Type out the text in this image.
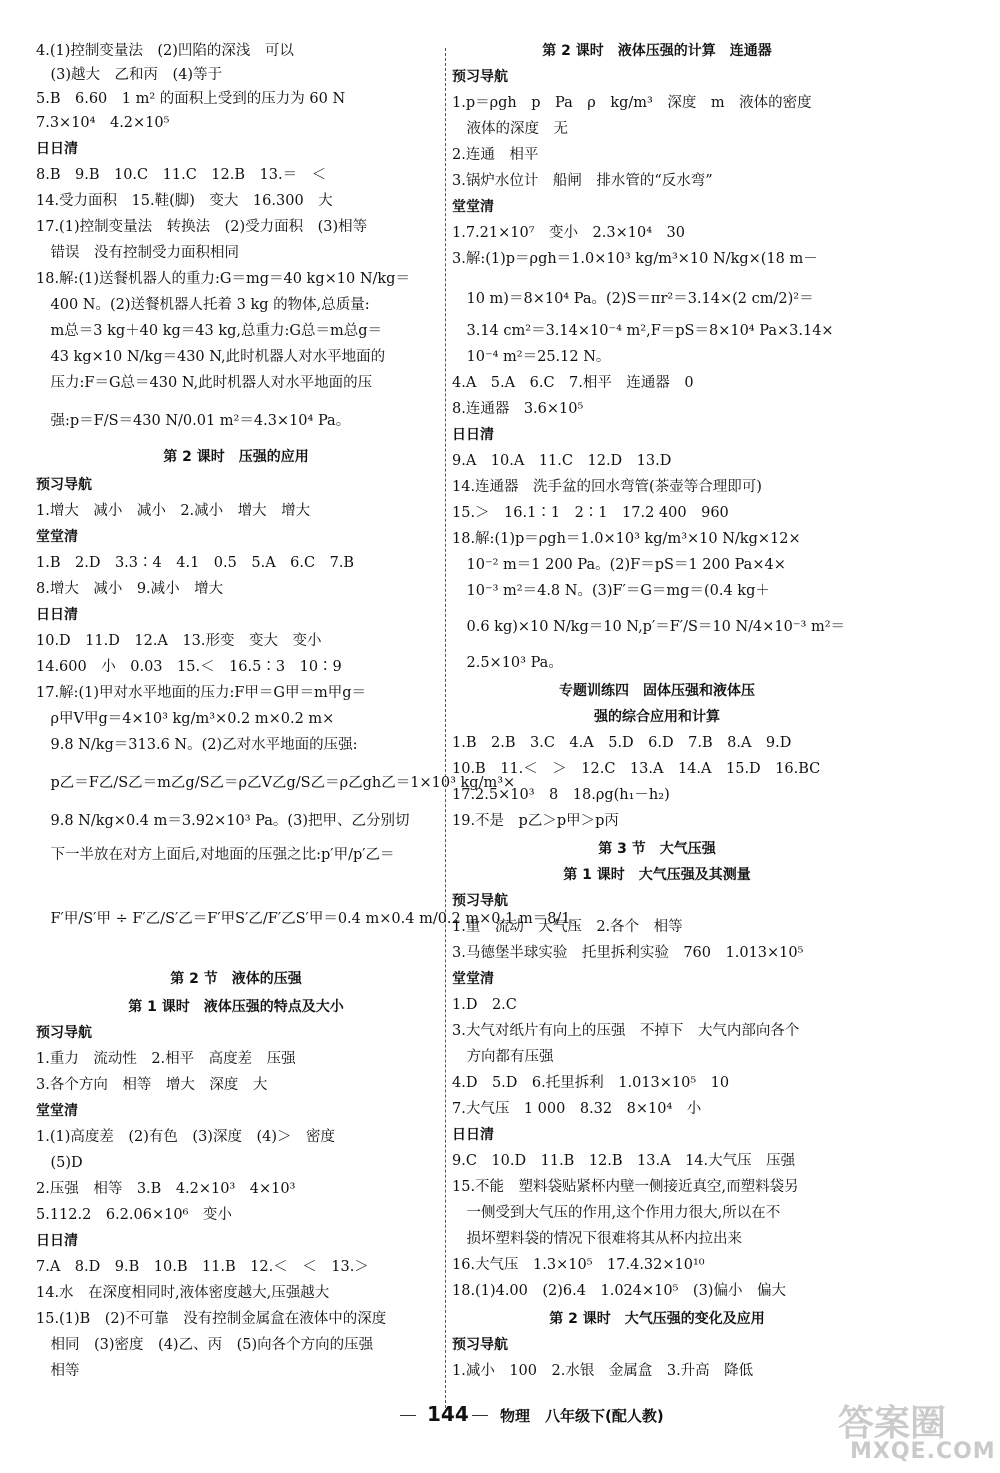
4.(1)控制变量法　(2)凹陷的深浅　可以
　(3)越大　乙和丙　(4)等于
5.B　6.60　1 m² 的面积上受到的压力为 60 N
7.3×10⁴　4.2×10⁵
日日清
8.B　9.B　10.C　11.C　12.B　13.＝　＜
14.受力面积　15.鞋(脚)　变大　16.300　大
17.(1)控制变量法　转换法　(2)受力面积　(3)相等
　错误　没有控制受力面积相同
18.解:(1)送餐机器人的重力:G＝mg＝40 kg×10 N/kg＝
　400 N。(2)送餐机器人托着 3 kg 的物体,总质量:
　m总＝3 kg＋40 kg＝43 kg,总重力:G总＝m总g＝
　43 kg×10 N/kg＝430 N,此时机器人对水平地面的
　压力:F＝G总＝430 N,此时机器人对水平地面的压
　强:p＝F/S＝430 N/0.01 m²＝4.3×10⁴ Pa。
第 2 课时　压强的应用
预习导航
1.增大　减小　减小　2.减小　增大　增大
堂堂清
1.B　2.D　3.3∶4　4.1　0.5　5.A　6.C　7.B
8.增大　减小　9.减小　增大
日日清
10.D　11.D　12.A　13.形变　变大　变小
14.600　小　0.03　15.＜　16.5∶3　10∶9
17.解:(1)甲对水平地面的压力:F甲＝G甲＝m甲g＝
　ρ甲V甲g＝4×10³ kg/m³×0.2 m×0.2 m×
　9.8 N/kg＝313.6 N。(2)乙对水平地面的压强:
　p乙＝F乙/S乙＝m乙g/S乙＝ρ乙V乙g/S乙＝ρ乙gh乙＝1×10³ kg/m³×
　9.8 N/kg×0.4 m＝3.92×10³ Pa。(3)把甲、乙分别切
　下一半放在对方上面后,对地面的压强之比:p′甲/p′乙＝
　F′甲/S′甲 ÷ F′乙/S′乙＝F′甲S′乙/F′乙S′甲＝0.4 m×0.4 m/0.2 m×0.1 m＝8/1。
第 2 节　液体的压强
第 1 课时　液体压强的特点及大小
预习导航
1.重力　流动性　2.相平　高度差　压强
3.各个方向　相等　增大　深度　大
堂堂清
1.(1)高度差　(2)有色　(3)深度　(4)＞　密度
　(5)D
2.压强　相等　3.B　4.2×10³　4×10³
5.112.2　6.2.06×10⁶　变小
日日清
7.A　8.D　9.B　10.B　11.B　12.＜　＜　13.＞
14.水　在深度相同时,液体密度越大,压强越大
15.(1)B　(2)不可靠　没有控制金属盒在液体中的深度
　相同　(3)密度　(4)乙、丙　(5)向各个方向的压强
　相等
第 2 课时　液体压强的计算　连通器
预习导航
1.p＝ρgh　p　Pa　ρ　kg/m³　深度　m　液体的密度
　液体的深度　无
2.连通　相平
3.锅炉水位计　船闸　排水管的“反水弯”
堂堂清
1.7.21×10⁷　变小　2.3×10⁴　30
3.解:(1)p＝ρgh＝1.0×10³ kg/m³×10 N/kg×(18 m－
　10 m)＝8×10⁴ Pa。(2)S＝πr²＝3.14×(2 cm/2)²＝
　3.14 cm²＝3.14×10⁻⁴ m²,F＝pS＝8×10⁴ Pa×3.14×
　10⁻⁴ m²＝25.12 N。
4.A　5.A　6.C　7.相平　连通器　0
8.连通器　3.6×10⁵
日日清
9.A　10.A　11.C　12.D　13.D
14.连通器　洗手盆的回水弯管(茶壶等合理即可)
15.＞　16.1∶1　2∶1　17.2 400　960
18.解:(1)p＝ρgh＝1.0×10³ kg/m³×10 N/kg×12×
　10⁻² m＝1 200 Pa。(2)F＝pS＝1 200 Pa×4×
　10⁻³ m²＝4.8 N。(3)F′＝G＝mg＝(0.4 kg＋
　0.6 kg)×10 N/kg＝10 N,p′＝F′/S＝10 N/4×10⁻³ m²＝
　2.5×10³ Pa。
专题训练四　固体压强和液体压
强的综合应用和计算
1.B　2.B　3.C　4.A　5.D　6.D　7.B　8.A　9.D
10.B　11.＜　＞　12.C　13.A　14.A　15.D　16.BC
17.2.5×10³　8　18.ρg(h₁－h₂)
19.不是　p乙＞p甲＞p丙
第 3 节　大气压强
第 1 课时　大气压强及其测量
预习导航
1.重　流动　大气压　2.各个　相等
3.马德堡半球实验　托里拆利实验　760　1.013×10⁵
堂堂清
1.D　2.C
3.大气对纸片有向上的压强　不掉下　大气内部向各个
　方向都有压强
4.D　5.D　6.托里拆利　1.013×10⁵　10
7.大气压　1 000　8.32　8×10⁴　小
日日清
9.C　10.D　11.B　12.B　13.A　14.大气压　压强
15.不能　塑料袋贴紧杯内壁一侧接近真空,而塑料袋另
　一侧受到大气压的作用,这个作用力很大,所以在不
　损坏塑料袋的情况下很难将其从杯内拉出来
16.大气压　1.3×10⁵　17.4.32×10¹⁰
18.(1)4.00　(2)6.4　1.024×10⁵　(3)偏小　偏大
第 2 课时　大气压强的变化及应用
预习导航
1.减小　100　2.水银　金属盒　3.升高　降低
144 物理　八年级下(配人教)	答案圈
MXQE.COM
